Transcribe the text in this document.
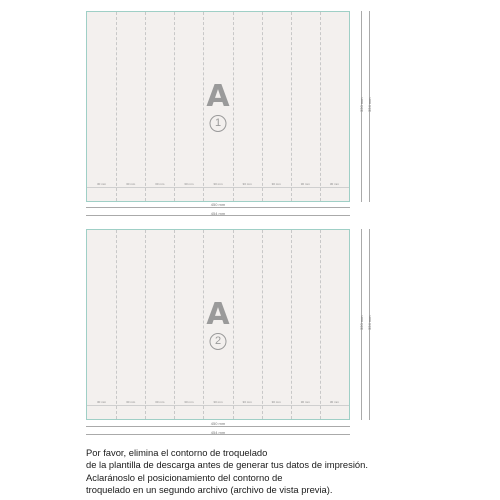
A
1
30 mm	30 mm	30 mm	30 mm	30 mm	30 mm	30 mm	30 mm	30 mm
450 mm
454 mm
320 mm 324 mm
A
2
30 mm	30 mm	30 mm	30 mm	30 mm	30 mm	30 mm	30 mm	30 mm
450 mm
454 mm
320 mm 324 mm
Por favor, elimina el contorno de troquelado
de la plantilla de descarga antes de generar tus datos de impresión.
Aclaránoslo el posicionamiento del contorno de
troquelado en un segundo archivo (archivo de vista previa).
